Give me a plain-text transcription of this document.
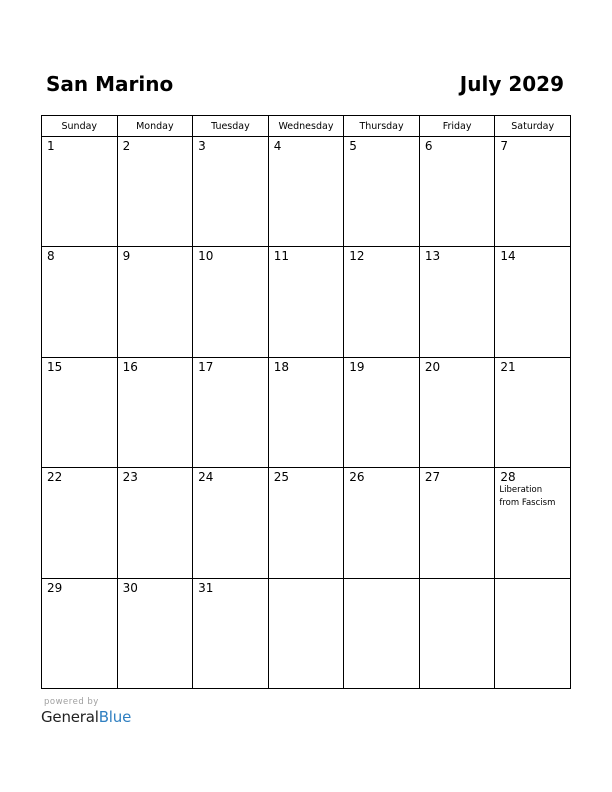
San Marino	July 2029
Sunday	Monday	Tuesday	Wednesday	Thursday	Friday	Saturday

1	2	3	4	5	6	7

8	9	10	11	12	13	14

15	16	17	18	19	20	21

22	23	24	25	26	27	28
Liberation
from Fascism

29	30	31				

powered by
GeneralBlue
